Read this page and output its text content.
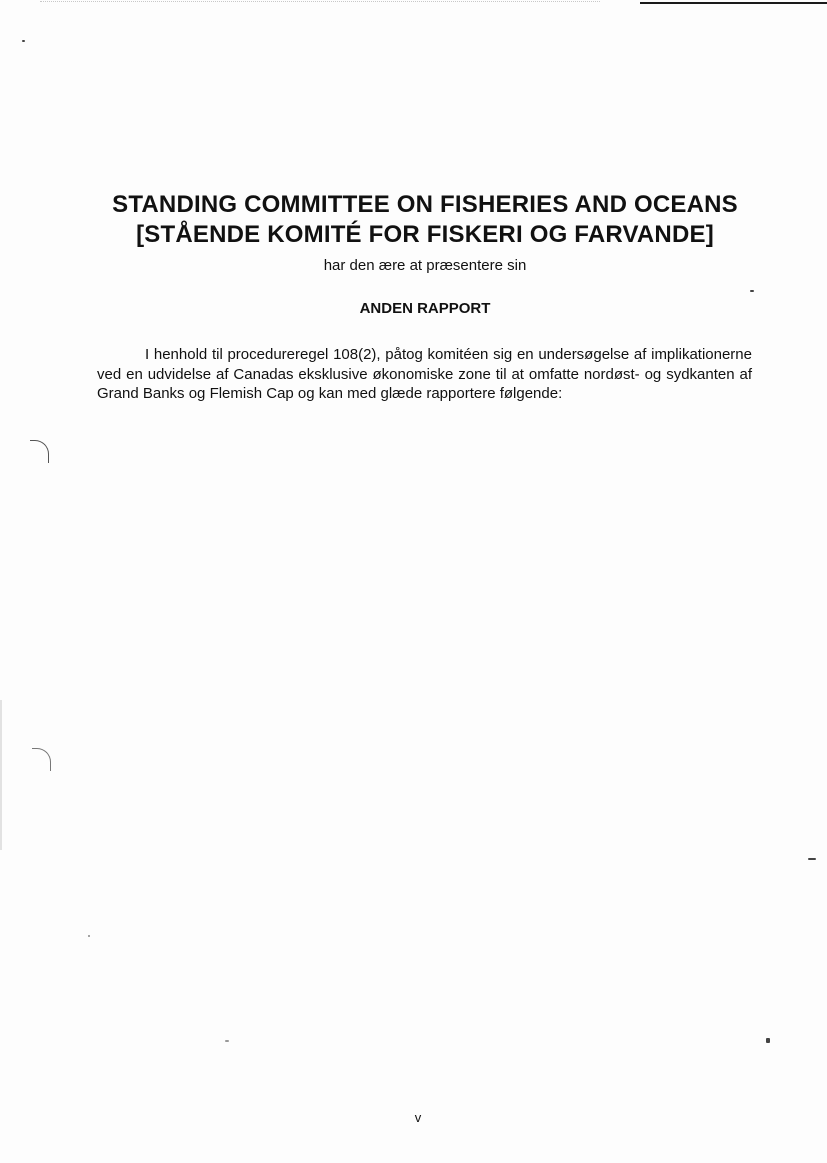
STANDING COMMITTEE ON FISHERIES AND OCEANS

[STÅENDE KOMITÉ FOR FISKERI OG FARVANDE]

har den ære at præsentere sin
ANDEN RAPPORT

I henhold til procedureregel 108(2), påtog komitéen sig en undersøgelse af implikationerne ved en udvidelse af Canadas eksklusive økonomiske zone til at omfatte nordøst- og sydkanten af Grand Banks og Flemish Cap og kan med glæde rapportere følgende:

v
